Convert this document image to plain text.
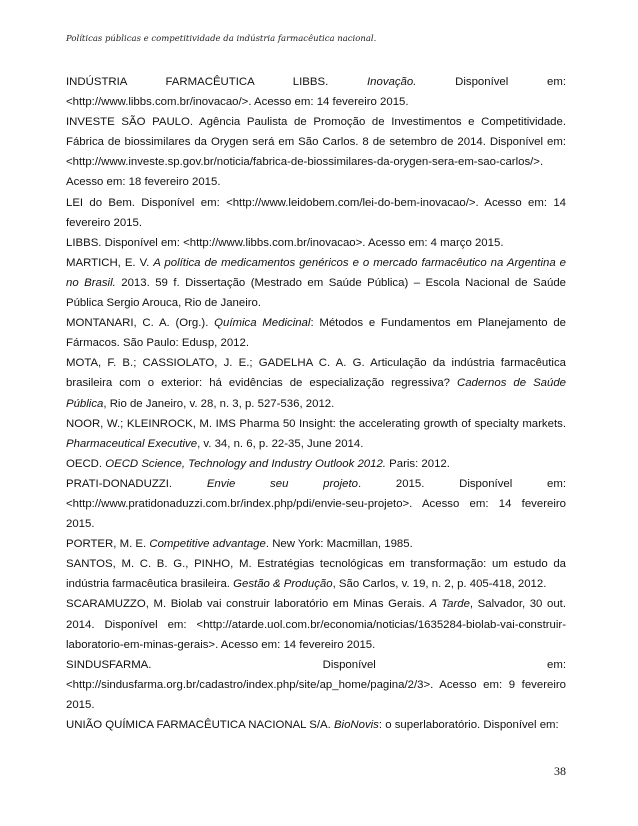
Políticas públicas e competitividade da indústria farmacêutica nacional.

INDÚSTRIA FARMACÊUTICA LIBBS. Inovação. Disponível em: <http://www.libbs.com.br/inovacao/>. Acesso em: 14 fevereiro 2015.

INVESTE SÃO PAULO. Agência Paulista de Promoção de Investimentos e Competitividade. Fábrica de biossimilares da Orygen será em São Carlos. 8 de setembro de 2014. Disponível em: <http://www.investe.sp.gov.br/noticia/fabrica-de-biossimilares-da-orygen-sera-em-sao-carlos/>. Acesso em: 18 fevereiro 2015.

LEI do Bem. Disponível em: <http://www.leidobem.com/lei-do-bem-inovacao/>. Acesso em: 14 fevereiro 2015.

LIBBS. Disponível em: <http://www.libbs.com.br/inovacao>. Acesso em: 4 março 2015.

MARTICH, E. V. A política de medicamentos genéricos e o mercado farmacêutico na Argentina e no Brasil. 2013. 59 f. Dissertação (Mestrado em Saúde Pública) – Escola Nacional de Saúde Pública Sergio Arouca, Rio de Janeiro.

MONTANARI, C. A. (Org.). Química Medicinal: Métodos e Fundamentos em Planejamento de Fármacos. São Paulo: Edusp, 2012.

MOTA, F. B.; CASSIOLATO, J. E.; GADELHA C. A. G. Articulação da indústria farmacêutica brasileira com o exterior: há evidências de especialização regressiva? Cadernos de Saúde Pública, Rio de Janeiro, v. 28, n. 3, p. 527-536, 2012.

NOOR, W.; KLEINROCK, M. IMS Pharma 50 Insight: the accelerating growth of specialty markets. Pharmaceutical Executive, v. 34, n. 6, p. 22-35, June 2014.

OECD. OECD Science, Technology and Industry Outlook 2012. Paris: 2012.

PRATI-DONADUZZI. Envie seu projeto. 2015. Disponível em: <http://www.pratidonaduzzi.com.br/index.php/pdi/envie-seu-projeto>. Acesso em: 14 fevereiro 2015.

PORTER, M. E. Competitive advantage. New York: Macmillan, 1985.

SANTOS, M. C. B. G., PINHO, M. Estratégias tecnológicas em transformação: um estudo da indústria farmacêutica brasileira. Gestão & Produção, São Carlos, v. 19, n. 2, p. 405-418, 2012.

SCARAMUZZO, M. Biolab vai construir laboratório em Minas Gerais. A Tarde, Salvador, 30 out. 2014. Disponível em: <http://atarde.uol.com.br/economia/noticias/1635284-biolab-vai-construir-laboratorio-em-minas-gerais>. Acesso em: 14 fevereiro 2015.

SINDUSFARMA. Disponível em: <http://sindusfarma.org.br/cadastro/index.php/site/ap_home/pagina/2/3>. Acesso em: 9 fevereiro 2015.

UNIÃO QUÍMICA FARMACÊUTICA NACIONAL S/A. BioNovis: o superlaboratório. Disponível em:

38
